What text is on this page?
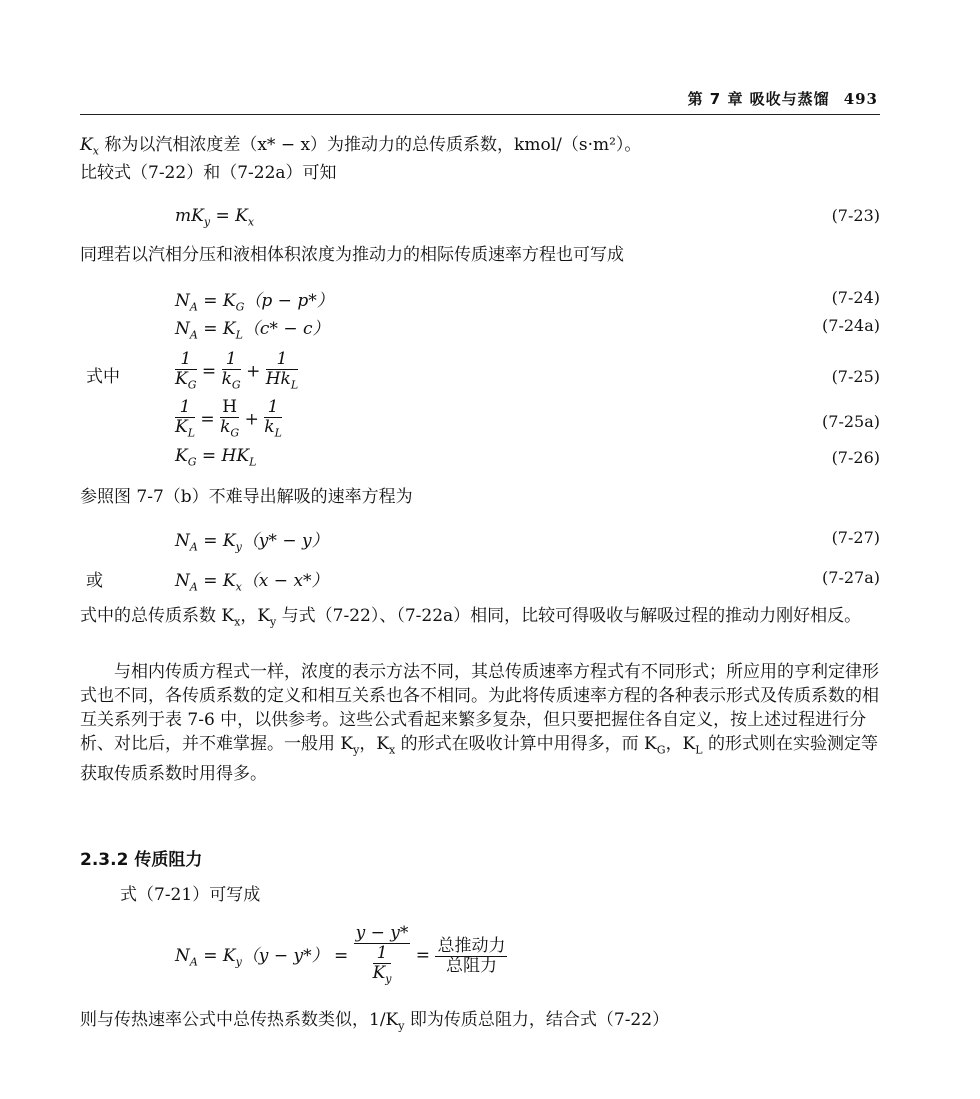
第 7 章 吸收与蒸馏 493
$K_x$ 称为以汽相浓度差（x* − x）为推动力的总传质系数，kmol/（s·m²）。
比较式（7-22）和（7-22a）可知
$mK_y = K_x$	(7-23)
同理若以汽相分压和液相体积浓度为推动力的相际传质速率方程也可写成
$N_A = K_G(p - p*)$	(7-24)
$N_A = K_L(c* - c)$	(7-24a)
式中	$\frac{1}{K_G} = \frac{1}{k_G} + \frac{1}{Hk_L}$	(7-25)
$\frac{1}{K_L} = \frac{H}{k_G} + \frac{1}{k_L}$	(7-25a)
$K_G = HK_L$	(7-26)
参照图 7-7（b）不难导出解吸的速率方程为
$N_A = K_y(y* - y)$	(7-27)
或	$N_A = K_x(x - x*)$	(7-27a)
式中的总传质系数 $K_x$，$K_y$ 与式（7-22）、（7-22a）相同，比较可得吸收与解吸过程的推动力刚好相反。
与相内传质方程式一样，浓度的表示方法不同，其总传质速率方程式有不同形式；所应用的亨利定律形式也不同，各传质系数的定义和相互关系也各不相同。为此将传质速率方程的各种表示形式及传质系数的相互关系列于表 7-6 中，以供参考。这些公式看起来繁多复杂，但只要把握住各自定义，按上述过程进行分析、对比后，并不难掌握。一般用 $K_y$，$K_x$ 的形式在吸收计算中用得多，而 $K_G$，$K_L$ 的形式则在实验测定等获取传质系数时用得多。
2.3.2 传质阻力
式（7-21）可写成
$N_A = K_y(y - y*) = \frac{y - y*}{\frac{1}{K_y}} = \frac{\text{总推动力}}{\text{总阻力}}$
则与传热速率公式中总传热系数类似，$1/K_y$ 即为传质总阻力，结合式（7-22）
